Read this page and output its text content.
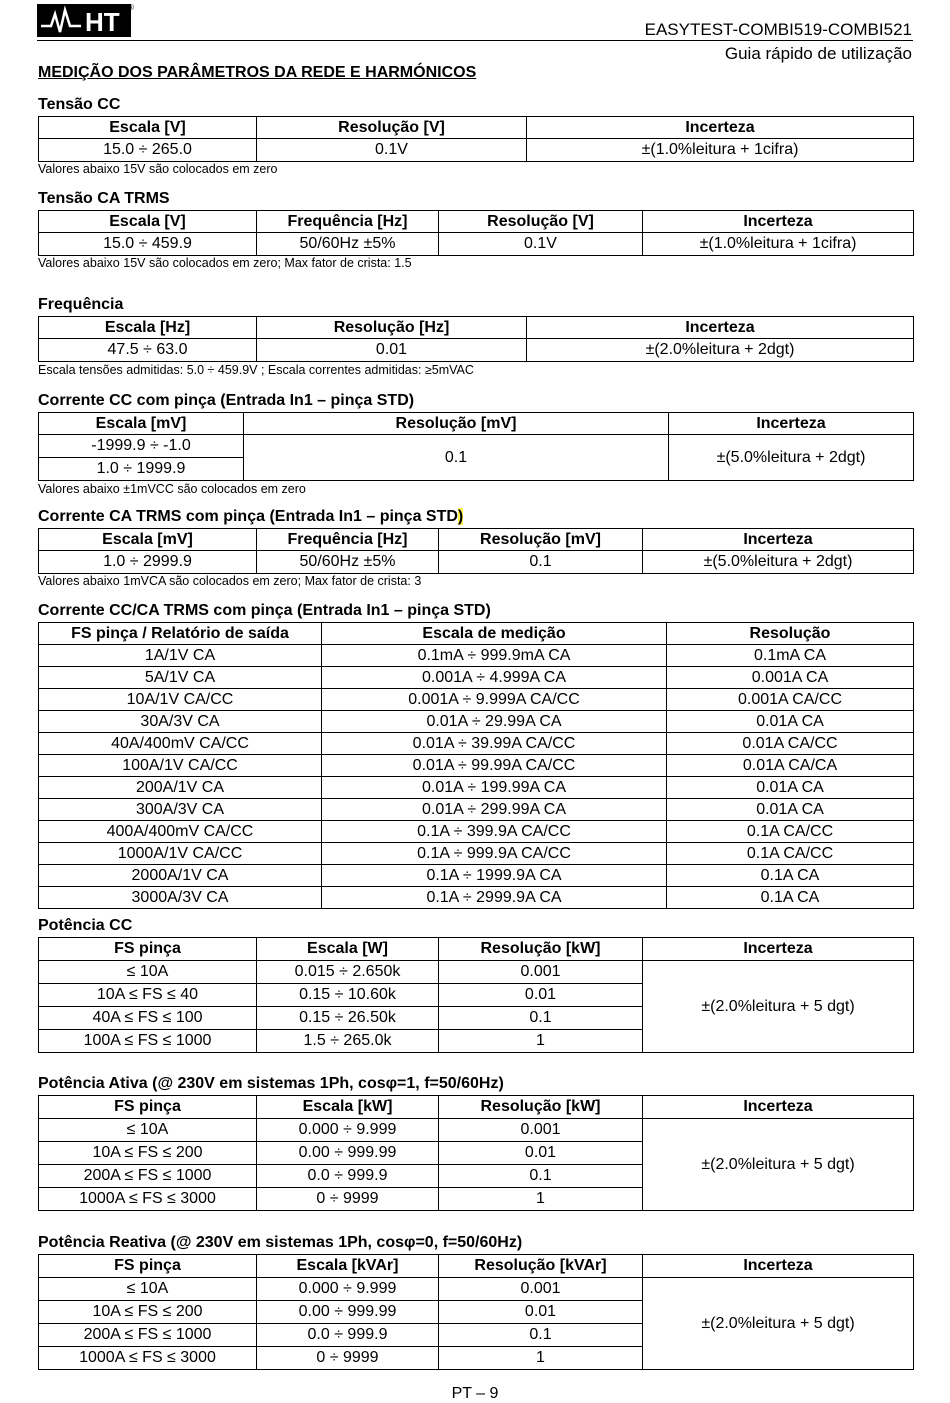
HT ®
EASYTEST-COMBI519-COMBI521
Guia rápido de utilização
MEDIÇÃO DOS PARÂMETROS DA REDE E HARMÓNICOS
Tensão CC
Escala [V]	Resolução [V]	Incerteza
15.0 ÷ 265.0	0.1V	±(1.0%leitura + 1cifra)
Valores abaixo 15V são colocados em zero
Tensão CA TRMS
Escala [V]	Frequência [Hz]	Resolução [V]	Incerteza
15.0 ÷ 459.9	50/60Hz ±5%	0.1V	±(1.0%leitura + 1cifra)
Valores abaixo 15V são colocados em zero; Max fator de crista: 1.5
Frequência
Escala [Hz]	Resolução [Hz]	Incerteza
47.5 ÷ 63.0	0.01	±(2.0%leitura + 2dgt)
Escala tensões admitidas: 5.0 ÷ 459.9V ; Escala correntes admitidas: ≥5mVAC
Corrente CC com pinça (Entrada In1 – pinça STD)
Escala [mV]	Resolução [mV]	Incerteza
-1999.9 ÷ -1.0	0.1	±(5.0%leitura + 2dgt)
1.0 ÷ 1999.9		
Valores abaixo ±1mVCC são colocados em zero
Corrente CA TRMS com pinça (Entrada In1 – pinça STD)
Escala [mV]	Frequência [Hz]	Resolução [mV]	Incerteza
1.0 ÷ 2999.9	50/60Hz ±5%	0.1	±(5.0%leitura + 2dgt)
Valores abaixo 1mVCA são colocados em zero; Max fator de crista: 3
Corrente CC/CA TRMS com pinça (Entrada In1 – pinça STD)
FS pinça / Relatório de saída	Escala de medição	Resolução
1A/1V CA	0.1mA ÷ 999.9mA CA	0.1mA CA
5A/1V CA	0.001A ÷ 4.999A CA	0.001A CA
10A/1V CA/CC	0.001A ÷ 9.999A CA/CC	0.001A CA/CC
30A/3V CA	0.01A ÷ 29.99A CA	0.01A CA
40A/400mV CA/CC	0.01A ÷ 39.99A CA/CC	0.01A CA/CC
100A/1V CA/CC	0.01A ÷ 99.99A CA/CC	0.01A CA/CA
200A/1V CA	0.01A ÷ 199.99A CA	0.01A CA
300A/3V CA	0.01A ÷ 299.99A CA	0.01A CA
400A/400mV CA/CC	0.1A ÷ 399.9A CA/CC	0.1A CA/CC
1000A/1V CA/CC	0.1A ÷ 999.9A CA/CC	0.1A CA/CC
2000A/1V CA	0.1A ÷ 1999.9A CA	0.1A CA
3000A/3V CA	0.1A ÷ 2999.9A CA	0.1A CA
Potência CC
FS pinça	Escala [W]	Resolução [kW]	Incerteza
≤ 10A	0.015 ÷ 2.650k	0.001	±(2.0%leitura + 5 dgt)
10A ≤ FS ≤ 40	0.15 ÷ 10.60k	0.01	
40A ≤ FS ≤ 100	0.15 ÷ 26.50k	0.1	
100A ≤ FS ≤ 1000	1.5 ÷ 265.0k	1	
Potência Ativa (@ 230V em sistemas 1Ph, cosφ=1, f=50/60Hz)
FS pinça	Escala [kW]	Resolução [kW]	Incerteza
≤ 10A	0.000 ÷ 9.999	0.001	±(2.0%leitura + 5 dgt)
10A ≤ FS ≤ 200	0.00 ÷ 999.99	0.01	
200A ≤ FS ≤ 1000	0.0 ÷ 999.9	0.1	
1000A ≤ FS ≤ 3000	0 ÷ 9999	1	
Potência Reativa (@ 230V em sistemas 1Ph, cosφ=0, f=50/60Hz)
FS pinça	Escala [kVAr]	Resolução [kVAr]	Incerteza
≤ 10A	0.000 ÷ 9.999	0.001	±(2.0%leitura + 5 dgt)
10A ≤ FS ≤ 200	0.00 ÷ 999.99	0.01	
200A ≤ FS ≤ 1000	0.0 ÷ 999.9	0.1	
1000A ≤ FS ≤ 3000	0 ÷ 9999	1	
PT – 9
